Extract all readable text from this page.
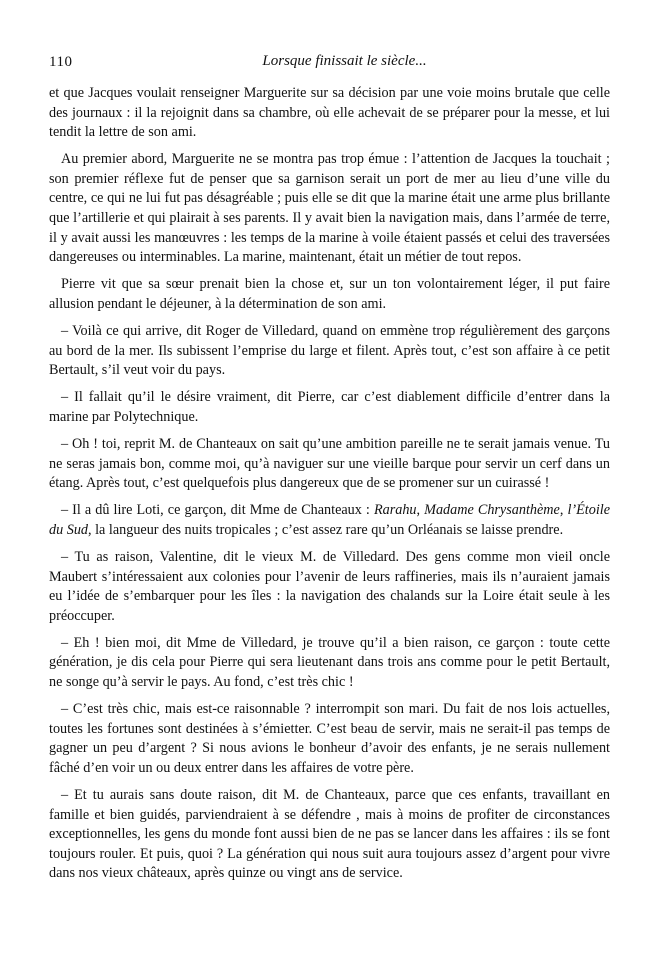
110	Lorsque finissait le siècle...

et que Jacques voulait renseigner Marguerite sur sa décision par une voie moins brutale que celle des journaux : il la rejoignit dans sa chambre, où elle achevait de se préparer pour la messe, et lui tendit la lettre de son ami.

Au premier abord, Marguerite ne se montra pas trop émue : l’attention de Jacques la touchait ; son premier réflexe fut de penser que sa garnison serait un port de mer au lieu d’une ville du centre, ce qui ne lui fut pas désagréable ; puis elle se dit que la marine était une arme plus brillante que l’artillerie et qui plairait à ses parents. Il y avait bien la navigation mais, dans l’armée de terre, il y avait aussi les manœuvres : les temps de la marine à voile étaient passés et celui des traversées dangereuses ou interminables. La marine, maintenant, était un métier de tout repos.

Pierre vit que sa sœur prenait bien la chose et, sur un ton volontairement léger, il put faire allusion pendant le déjeuner, à la détermination de son ami.

– Voilà ce qui arrive, dit Roger de Villedard, quand on emmène trop régulièrement des garçons au bord de la mer. Ils subissent l’emprise du large et filent. Après tout, c’est son affaire à ce petit Bertault, s’il veut voir du pays.

– Il fallait qu’il le désire vraiment, dit Pierre, car c’est diablement difficile d’entrer dans la marine par Polytechnique.

– Oh ! toi, reprit M. de Chanteaux on sait qu’une ambition pareille ne te serait jamais venue. Tu ne seras jamais bon, comme moi, qu’à naviguer sur une vieille barque pour servir un cerf dans un étang. Après tout, c’est quelquefois plus dangereux que de se promener sur un cuirassé !

– Il a dû lire Loti, ce garçon, dit Mme de Chanteaux : Rarahu, Madame Chrysanthème, l’Étoile du Sud, la langueur des nuits tropicales ; c’est assez rare qu’un Orléanais se laisse prendre.

– Tu as raison, Valentine, dit le vieux M. de Villedard. Des gens comme mon vieil oncle Maubert s’intéressaient aux colonies pour l’avenir de leurs raffineries, mais ils n’auraient jamais eu l’idée de s’embarquer pour les îles : la navigation des chalands sur la Loire était seule à les préoccuper.

– Eh ! bien moi, dit Mme de Villedard, je trouve qu’il a bien raison, ce garçon : toute cette génération, je dis cela pour Pierre qui sera lieutenant dans trois ans comme pour le petit Bertault, ne songe qu’à servir le pays. Au fond, c’est très chic !

– C’est très chic, mais est-ce raisonnable ? interrompit son mari. Du fait de nos lois actuelles, toutes les fortunes sont destinées à s’émietter. C’est beau de servir, mais ne serait-il pas temps de gagner un peu d’argent ? Si nous avions le bonheur d’avoir des enfants, je ne serais nullement fâché d’en voir un ou deux entrer dans les affaires de votre père.

– Et tu aurais sans doute raison, dit M. de Chanteaux, parce que ces enfants, travaillant en famille et bien guidés, parviendraient à se défendre , mais à moins de profiter de circonstances exceptionnelles, les gens du monde font aussi bien de ne pas se lancer dans les affaires : ils se font toujours rouler. Et puis, quoi ? La génération qui nous suit aura toujours assez d’argent pour vivre dans nos vieux châteaux, après quinze ou vingt ans de service.
